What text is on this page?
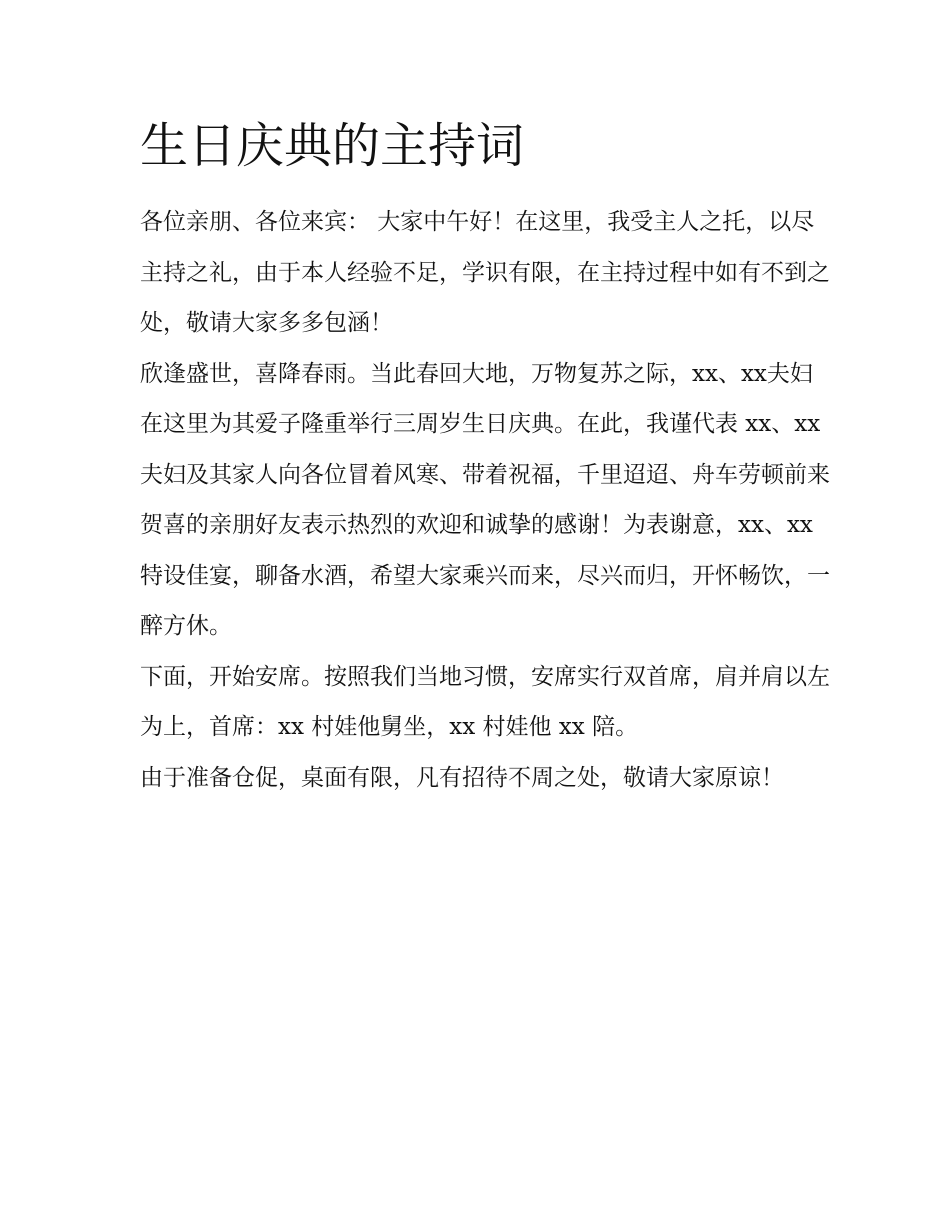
生日庆典的主持词

各位亲朋、各位来宾： 大家中午好！在这里，我受主人之托，以尽主持之礼，由于本人经验不足，学识有限，在主持过程中如有不到之处，敬请大家多多包涵！

欣逢盛世，喜降春雨。当此春回大地，万物复苏之际，xx、xx夫妇在这里为其爱子隆重举行三周岁生日庆典。在此，我谨代表 xx、xx 夫妇及其家人向各位冒着风寒、带着祝福，千里迢迢、舟车劳顿前来贺喜的亲朋好友表示热烈的欢迎和诚挚的感谢！为表谢意，xx、xx 特设佳宴，聊备水酒，希望大家乘兴而来，尽兴而归，开怀畅饮，一醉方休。

下面，开始安席。按照我们当地习惯，安席实行双首席，肩并肩以左为上，首席：xx 村娃他舅坐，xx 村娃他 xx 陪。

由于准备仓促，桌面有限，凡有招待不周之处，敬请大家原谅！
